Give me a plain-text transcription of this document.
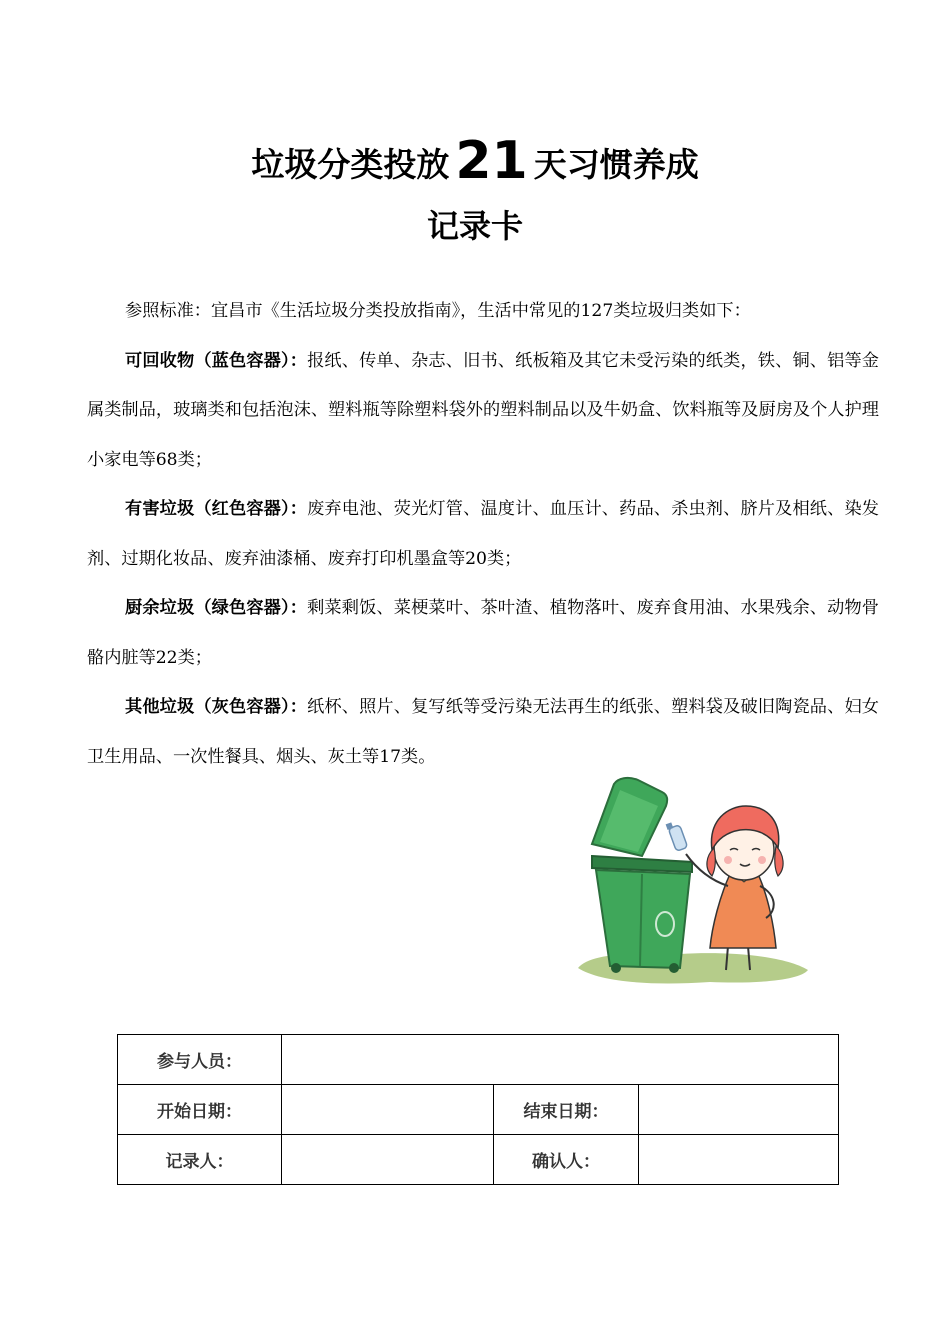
垃圾分类投放 21 天习惯养成
记录卡

参照标准：宜昌市《生活垃圾分类投放指南》，生活中常见的127类垃圾归类如下：

可回收物（蓝色容器）：报纸、传单、杂志、旧书、纸板箱及其它未受污染的纸类，铁、铜、铝等金属类制品，玻璃类和包括泡沫、塑料瓶等除塑料袋外的塑料制品以及牛奶盒、饮料瓶等及厨房及个人护理小家电等68类；

有害垃圾（红色容器）：废弃电池、荧光灯管、温度计、血压计、药品、杀虫剂、脐片及相纸、染发剂、过期化妆品、废弃油漆桶、废弃打印机墨盒等20类；

厨余垃圾（绿色容器）：剩菜剩饭、菜梗菜叶、茶叶渣、植物落叶、废弃食用油、水果残余、动物骨骼内脏等22类；

其他垃圾（灰色容器）：纸杯、照片、复写纸等受污染无法再生的纸张、塑料袋及破旧陶瓷品、妇女卫生用品、一次性餐具、烟头、灰土等17类。

参与人员：			
开始日期：		结束日期：	
记录人：		确认人：	
